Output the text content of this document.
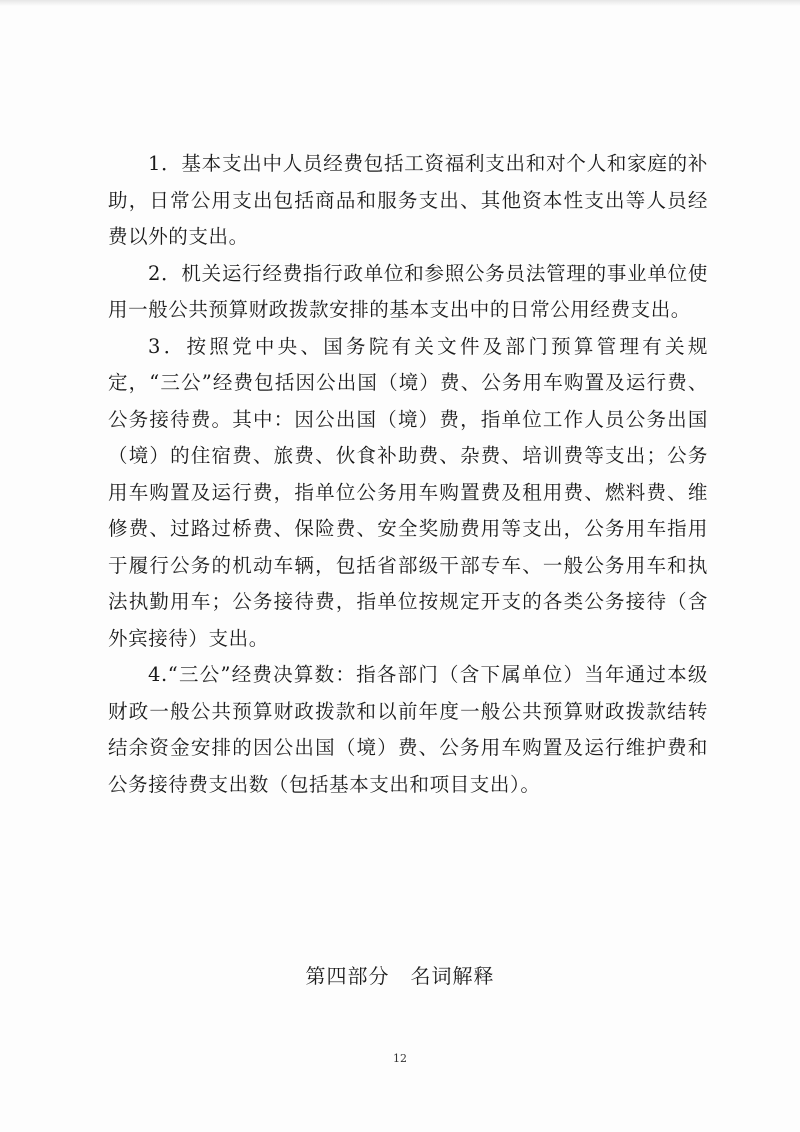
1．基本支出中人员经费包括工资福利支出和对个人和家庭的补助，日常公用支出包括商品和服务支出、其他资本性支出等人员经费以外的支出。

2．机关运行经费指行政单位和参照公务员法管理的事业单位使用一般公共预算财政拨款安排的基本支出中的日常公用经费支出。

3．按照党中央、国务院有关文件及部门预算管理有关规定，“三公”经费包括因公出国（境）费、公务用车购置及运行费、公务接待费。其中：因公出国（境）费，指单位工作人员公务出国（境）的住宿费、旅费、伙食补助费、杂费、培训费等支出；公务用车购置及运行费，指单位公务用车购置费及租用费、燃料费、维修费、过路过桥费、保险费、安全奖励费用等支出，公务用车指用于履行公务的机动车辆，包括省部级干部专车、一般公务用车和执法执勤用车；公务接待费，指单位按规定开支的各类公务接待（含外宾接待）支出。

4.“三公”经费决算数：指各部门（含下属单位）当年通过本级财政一般公共预算财政拨款和以前年度一般公共预算财政拨款结转结余资金安排的因公出国（境）费、公务用车购置及运行维护费和公务接待费支出数（包括基本支出和项目支出）。

第四部分　名词解释
12
